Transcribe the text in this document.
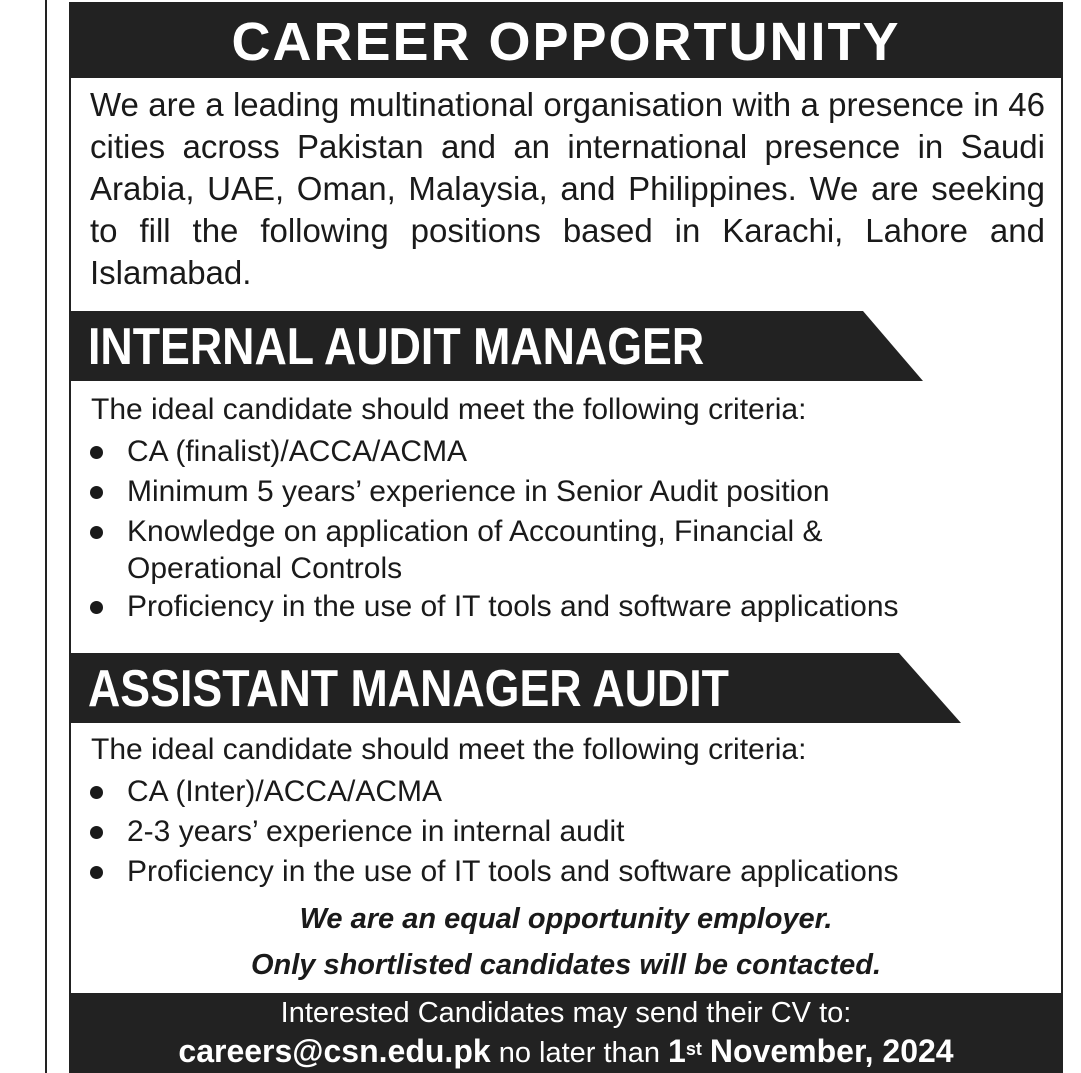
CAREER OPPORTUNITY
We are a leading multinational organisation with a presence in 46 cities across Pakistan and an international presence in Saudi Arabia, UAE, Oman, Malaysia, and Philippines. We are seeking to fill the following positions based in Karachi, Lahore and Islamabad.
INTERNAL AUDIT MANAGER
The ideal candidate should meet the following criteria:
CA (finalist)/ACCA/ACMA
Minimum 5 years’ experience in Senior Audit position
Knowledge on application of Accounting, Financial &
Operational Controls
Proficiency in the use of IT tools and software applications
ASSISTANT MANAGER AUDIT
The ideal candidate should meet the following criteria:
CA (Inter)/ACCA/ACMA
2-3 years’ experience in internal audit
Proficiency in the use of IT tools and software applications
We are an equal opportunity employer.
Only shortlisted candidates will be contacted.
Interested Candidates may send their CV to:
careers@csn.edu.pk no later than 1st November, 2024
